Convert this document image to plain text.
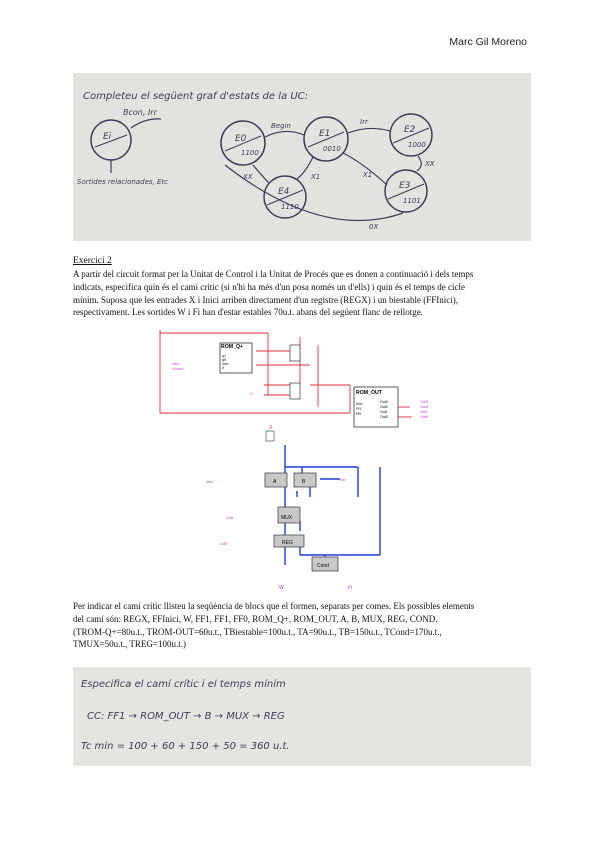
Marc Gil Moreno
Completeu el següent graf d'estats de la UC:
Ei
Bcon, Irr
Sortides relacionades, Etc
E0
1100
E1
0010
E2
1000
E3
1101
E4
1110
Begin	Irr
XX
X1
XX	X1
0X
Exercici 2
A partir del circuit format per la Unitat de Control i la Unitat de Procés que es donen a continuació i dels temps
indicats, especifica quin és el camí crític (si n'hi ha més d'un posa només un d'ells) i quin és el temps de cicle
mínim. Suposa que les entrades X i Inici arriben directament d'un registre (REGX) i un biestable (FFInici),
respectivament. Les sortides W i Fi han d'estar estables 70u.t. abans del següent flanc de rellotge.
ROM_Q+
q1
q0
Inici
X
Inici
Xcond
X	ROM_OUT
Inici
Ff1
Ff0
Out3
Out2
Out1
Out0
Out3
Out2
Out1
Out0
A	B
MUX
REG
Cond
X
Inici
LdA
LdB
Sel
W	Fi
Per indicar el camí crític llisteu la seqüència de blocs que el formen, separats per comes. Els possibles elements
del camí són: REGX, FFInici, W, FF1, FF1, FF0, ROM_Q+, ROM_OUT, A, B, MUX, REG, COND.
(TROM-Q+=80u.t., TROM-OUT=60u.t., TBiestable=100u.t., TA=90u.t., TB=150u.t., TCond=170u.t.,
TMUX=50u.t., TREG=100u.t.)
Especifica el camí crític i el temps mínim
CC: FF1 → ROM_OUT → B → MUX → REG
Tc min = 100 + 60 + 150 + 50 = 360 u.t.
